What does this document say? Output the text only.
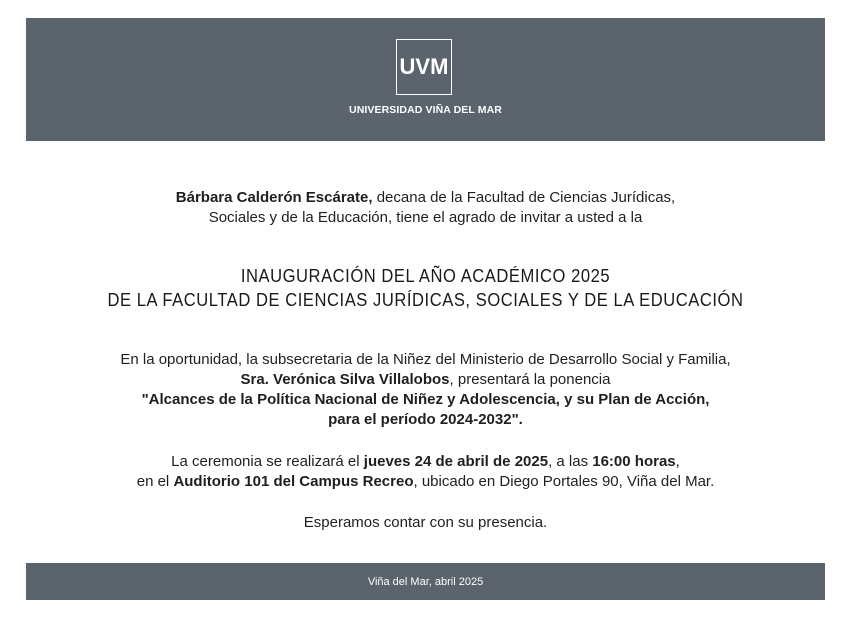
UVM
UNIVERSIDAD VIÑA DEL MAR
Bárbara Calderón Escárate, decana de la Facultad de Ciencias Jurídicas,
Sociales y de la Educación, tiene el agrado de invitar a usted a la
INAUGURACIÓN DEL AÑO ACADÉMICO 2025
DE LA FACULTAD DE CIENCIAS JURÍDICAS, SOCIALES Y DE LA EDUCACIÓN
En la oportunidad, la subsecretaria de la Niñez del Ministerio de Desarrollo Social y Familia,
Sra. Verónica Silva Villalobos, presentará la ponencia
"Alcances de la Política Nacional de Niñez y Adolescencia, y su Plan de Acción,
para el período 2024-2032".
La ceremonia se realizará el jueves 24 de abril de 2025, a las 16:00 horas,
en el Auditorio 101 del Campus Recreo, ubicado en Diego Portales 90, Viña del Mar.
Esperamos contar con su presencia.
Viña del Mar, abril 2025
